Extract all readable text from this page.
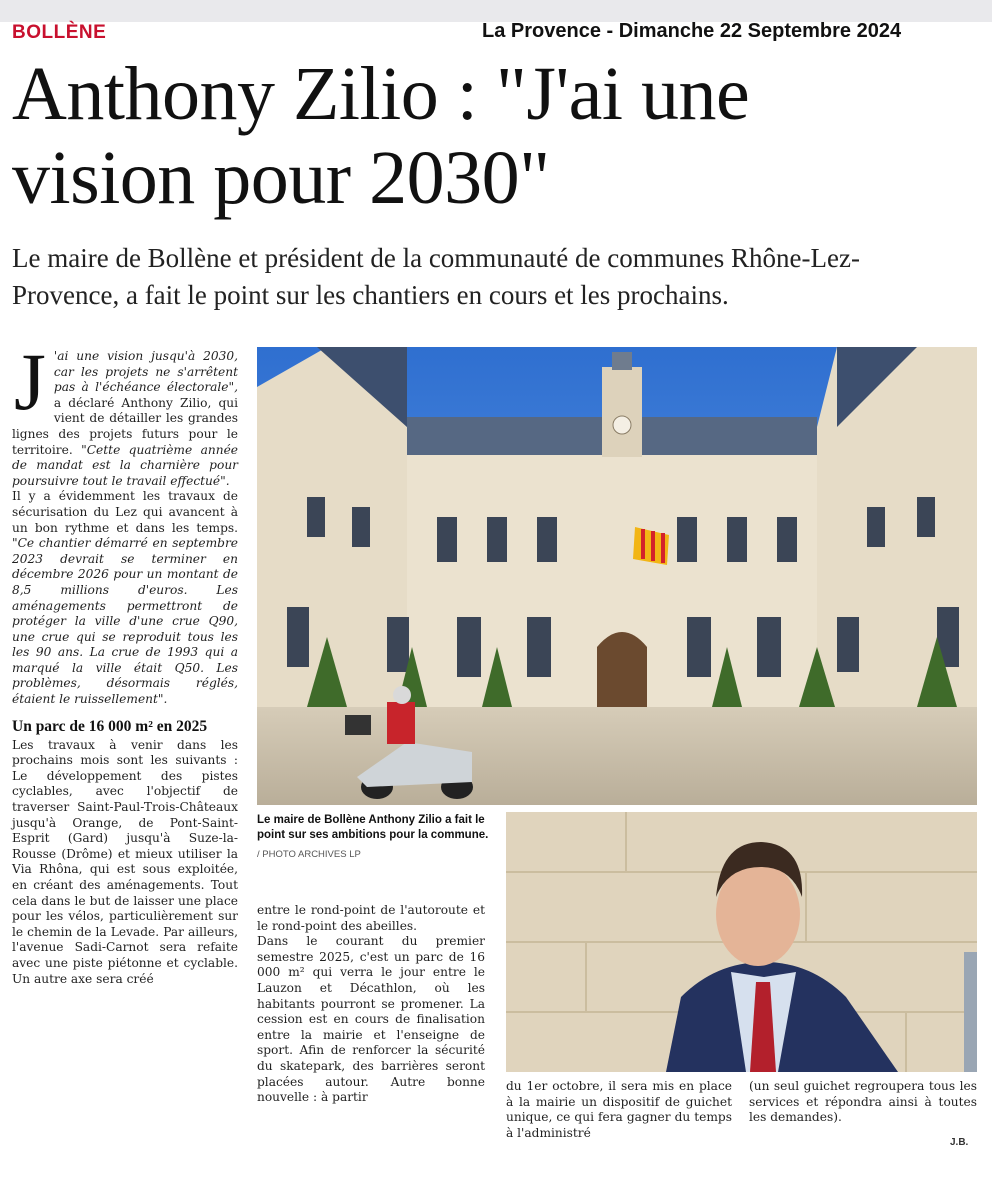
BOLLÈNE	La Provence - Dimanche 22 Septembre 2024
Anthony Zilio : "J'ai une
vision pour 2030"

Le maire de Bollène et président de la communauté de communes Rhône-Lez-Provence, a fait le point sur les chantiers en cours et les prochains.

J 'ai une vision jusqu'à 2030, car les projets ne s'arrêtent pas à l'échéance électorale", a déclaré Anthony Zilio, qui vient de détailler les grandes lignes des projets futurs pour le territoire. "Cette quatrième année de mandat est la charnière pour poursuivre tout le travail effectué".

Il y a évidemment les travaux de sécurisation du Lez qui avancent à un bon rythme et dans les temps. "Ce chantier démarré en septembre 2023 devrait se terminer en décembre 2026 pour un montant de 8,5 millions d'euros. Les aménagements permettront de protéger la ville d'une crue Q90, une crue qui se reproduit tous les les 90 ans. La crue de 1993 qui a marqué la ville était Q50. Les problèmes, désormais réglés, étaient le ruissellement".

Un parc de 16 000 m² en 2025

Les travaux à venir dans les prochains mois sont les suivants : Le développement des pistes cyclables, avec l'objectif de traverser Saint-Paul-Trois-Châteaux jusqu'à Orange, de Pont-Saint-Esprit (Gard) jusqu'à Suze-la-Rousse (Drôme) et mieux utiliser la Via Rhôna, qui est sous exploitée, en créant des aménagements. Tout cela dans le but de laisser une place pour les vélos, particulièrement sur le chemin de la Levade. Par ailleurs, l'avenue Sadi-Carnot sera refaite avec une piste piétonne et cyclable. Un autre axe sera créé

Le maire de Bollène Anthony Zilio a fait le point sur ses ambitions pour la commune.
/ PHOTO ARCHIVES LP

entre le rond-point de l'autoroute et le rond-point des abeilles.

Dans le courant du premier semestre 2025, c'est un parc de 16 000 m² qui verra le jour entre le Lauzon et Décathlon, où les habitants pourront se promener. La cession est en cours de finalisation entre la mairie et l'enseigne de sport. Afin de renforcer la sécurité du skatepark, des barrières seront placées autour. Autre bonne nouvelle : à partir

du 1er octobre, il sera mis en place à la mairie un dispositif de guichet unique, ce qui fera gagner du temps à l'administré

(un seul guichet regroupera tous les services et répondra ainsi à toutes les demandes).

J.B.
